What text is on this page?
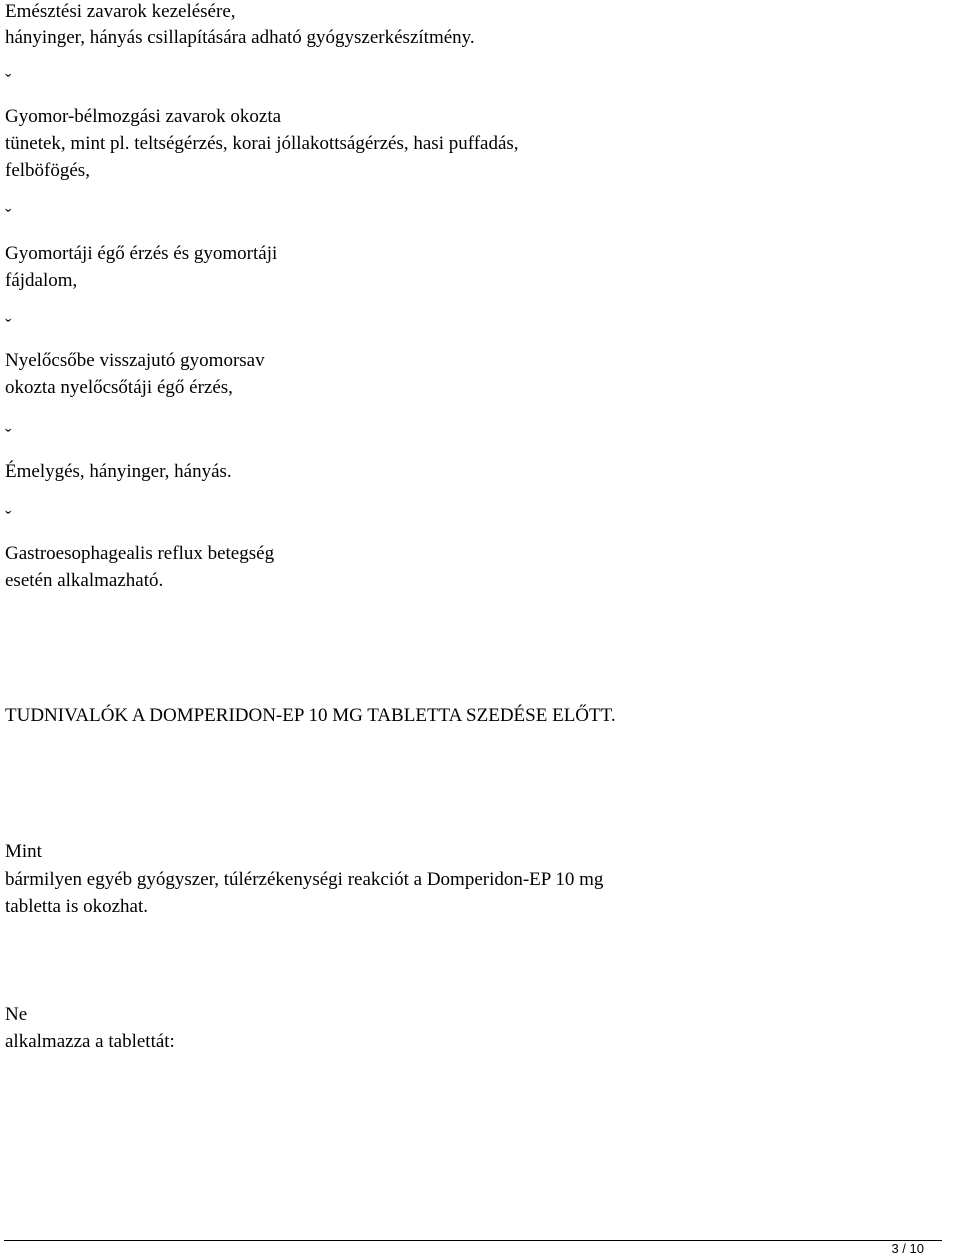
Emésztési zavarok kezelésére,
hányinger, hányás csillapítására adható gyógyszerkészítmény.
ˇ
Gyomor-bélmozgási zavarok okozta
tünetek, mint pl. teltségérzés, korai jóllakottságérzés, hasi puffadás,
felböfögés,
ˇ
Gyomortáji égő érzés és gyomortáji
fájdalom,
ˇ
Nyelőcsőbe visszajutó gyomorsav
okozta nyelőcsőtáji égő érzés,
ˇ
Émelygés, hányinger, hányás.
ˇ
Gastroesophagealis reflux betegség
esetén alkalmazható.
TUDNIVALÓK A DOMPERIDON-EP 10 MG TABLETTA SZEDÉSE ELŐTT.
Mint
bármilyen egyéb gyógyszer, túlérzékenységi reakciót a Domperidon-EP 10 mg
tabletta is okozhat.
Ne
alkalmazza a tablettát:
3 / 10
